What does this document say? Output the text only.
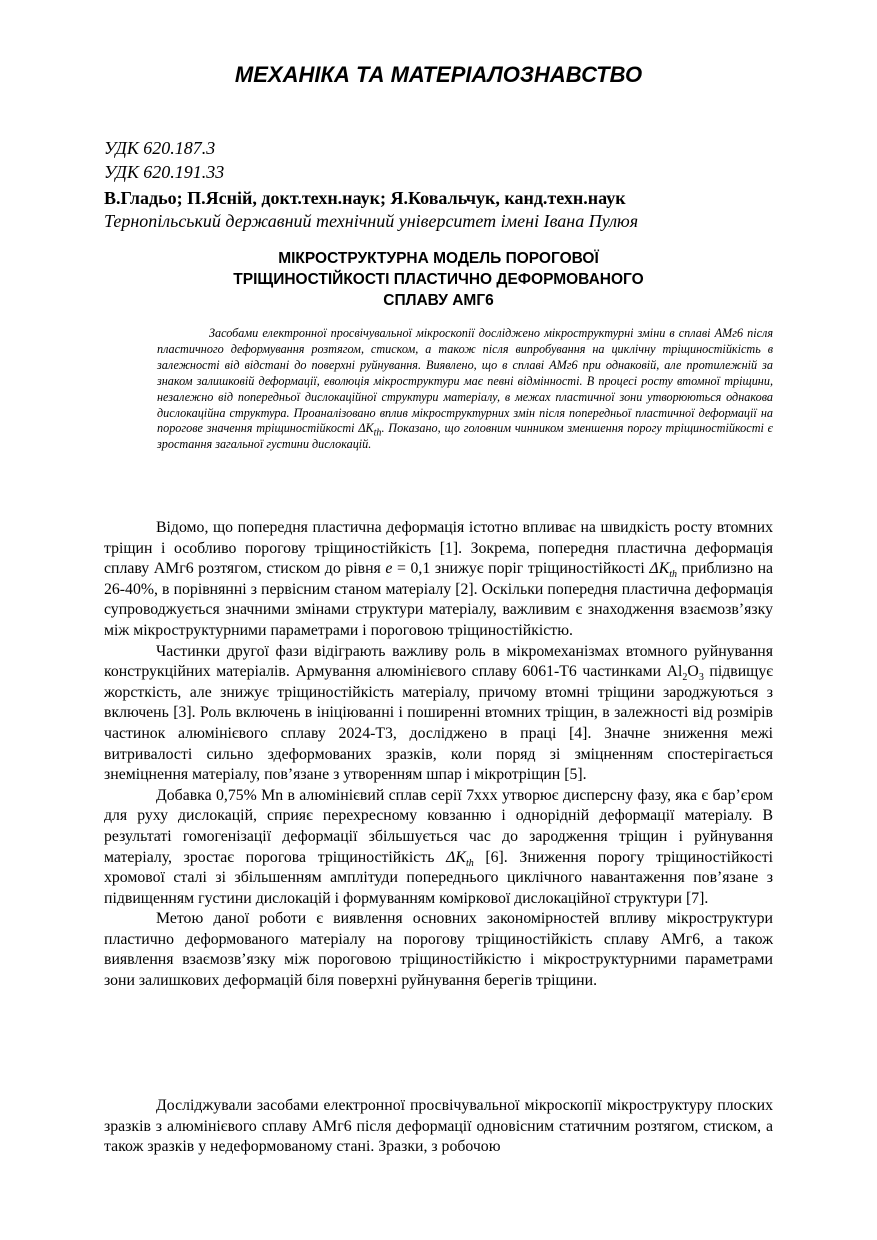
МЕХАНІКА ТА МАТЕРІАЛОЗНАВСТВО

УДК 620.187.3

УДК 620.191.33

В.Гладьо; П.Ясній, докт.техн.наук; Я.Ковальчук, канд.техн.наук

Тернопільський державний технічний університет імені Івана Пулюя

МІКРОСТРУКТУРНА МОДЕЛЬ ПОРОГОВОЇ
ТРІЩИНОСТІЙКОСТІ ПЛАСТИЧНО ДЕФОРМОВАНОГО
СПЛАВУ АМГ6

Засобами електронної просвічувальної мікроскопії досліджено мікроструктурні зміни в сплаві АМг6 після пластичного деформування розтягом, стиском, а також після випробування на циклічну тріщиностійкість в залежності від відстані до поверхні руйнування. Виявлено, що в сплаві АМг6 при однаковій, але протилежній за знаком залишковій деформації, еволюція мікроструктури має певні відмінності. В процесі росту втомної тріщини, незалежно від попередньої дислокаційної структури матеріалу, в межах пластичної зони утворюються однакова дислокаційна структура. Проаналізовано вплив мікроструктурних змін після попередньої пластичної деформації на порогове значення тріщиностійкості $\Delta K_{th}$. Показано, що головним чинником зменшення порогу тріщиностійкості є зростання загальної густини дислокацій.

Відомо, що попередня пластична деформація істотно впливає на швидкість росту втомних тріщин і особливо порогову тріщиностійкість [1]. Зокрема, попередня пластична деформація сплаву АМг6 розтягом, стиском до рівня e = 0,1 знижує поріг тріщиностійкості $\Delta K_{th}$ приблизно на 26-40%, в порівнянні з первісним станом матеріалу [2]. Оскільки попередня пластична деформація супроводжується значними змінами структури матеріалу, важливим є знаходження взаємозв’язку між мікроструктурними параметрами і пороговою тріщиностійкістю.

Частинки другої фази відіграють важливу роль в мікромеханізмах втомного руйнування конструкційних матеріалів. Армування алюмінієвого сплаву 6061-Т6 частинками $Al_2O_3$ підвищує жорсткість, але знижує тріщиностійкість матеріалу, причому втомні тріщини зароджуються з включень [3]. Роль включень в ініціюванні і поширенні втомних тріщин, в залежності від розмірів частинок алюмінієвого сплаву 2024-Т3, досліджено в праці [4]. Значне зниження межі витривалості сильно здеформованих зразків, коли поряд зі зміцненням спостерігається знеміцнення матеріалу, пов’язане з утворенням шпар і мікротріщин [5].

Добавка 0,75% Mn в алюмінієвий сплав серії 7ххх утворює дисперсну фазу, яка є бар’єром для руху дислокацій, сприяє перехресному ковзанню і однорідній деформації матеріалу. В результаті гомогенізації деформації збільшується час до зародження тріщин і руйнування матеріалу, зростає порогова тріщиностійкість $\Delta K_{th}$ [6]. Зниження порогу тріщиностійкості хромової сталі зі збільшенням амплітуди попереднього циклічного навантаження пов’язане з підвищенням густини дислокацій і формуванням коміркової дислокаційної структури [7].

Метою даної роботи є виявлення основних закономірностей впливу мікроструктури пластично деформованого матеріалу на порогову тріщиностійкість сплаву АМг6, а також виявлення взаємозв’язку між пороговою тріщиностійкістю і мікроструктурними параметрами зони залишкових деформацій біля поверхні руйнування берегів тріщини.

Досліджували засобами електронної просвічувальної мікроскопії мікроструктуру плоских зразків з алюмінієвого сплаву АМг6 після деформації одновісним статичним розтягом, стиском, а також зразків у недеформованому стані. Зразки, з робочою
